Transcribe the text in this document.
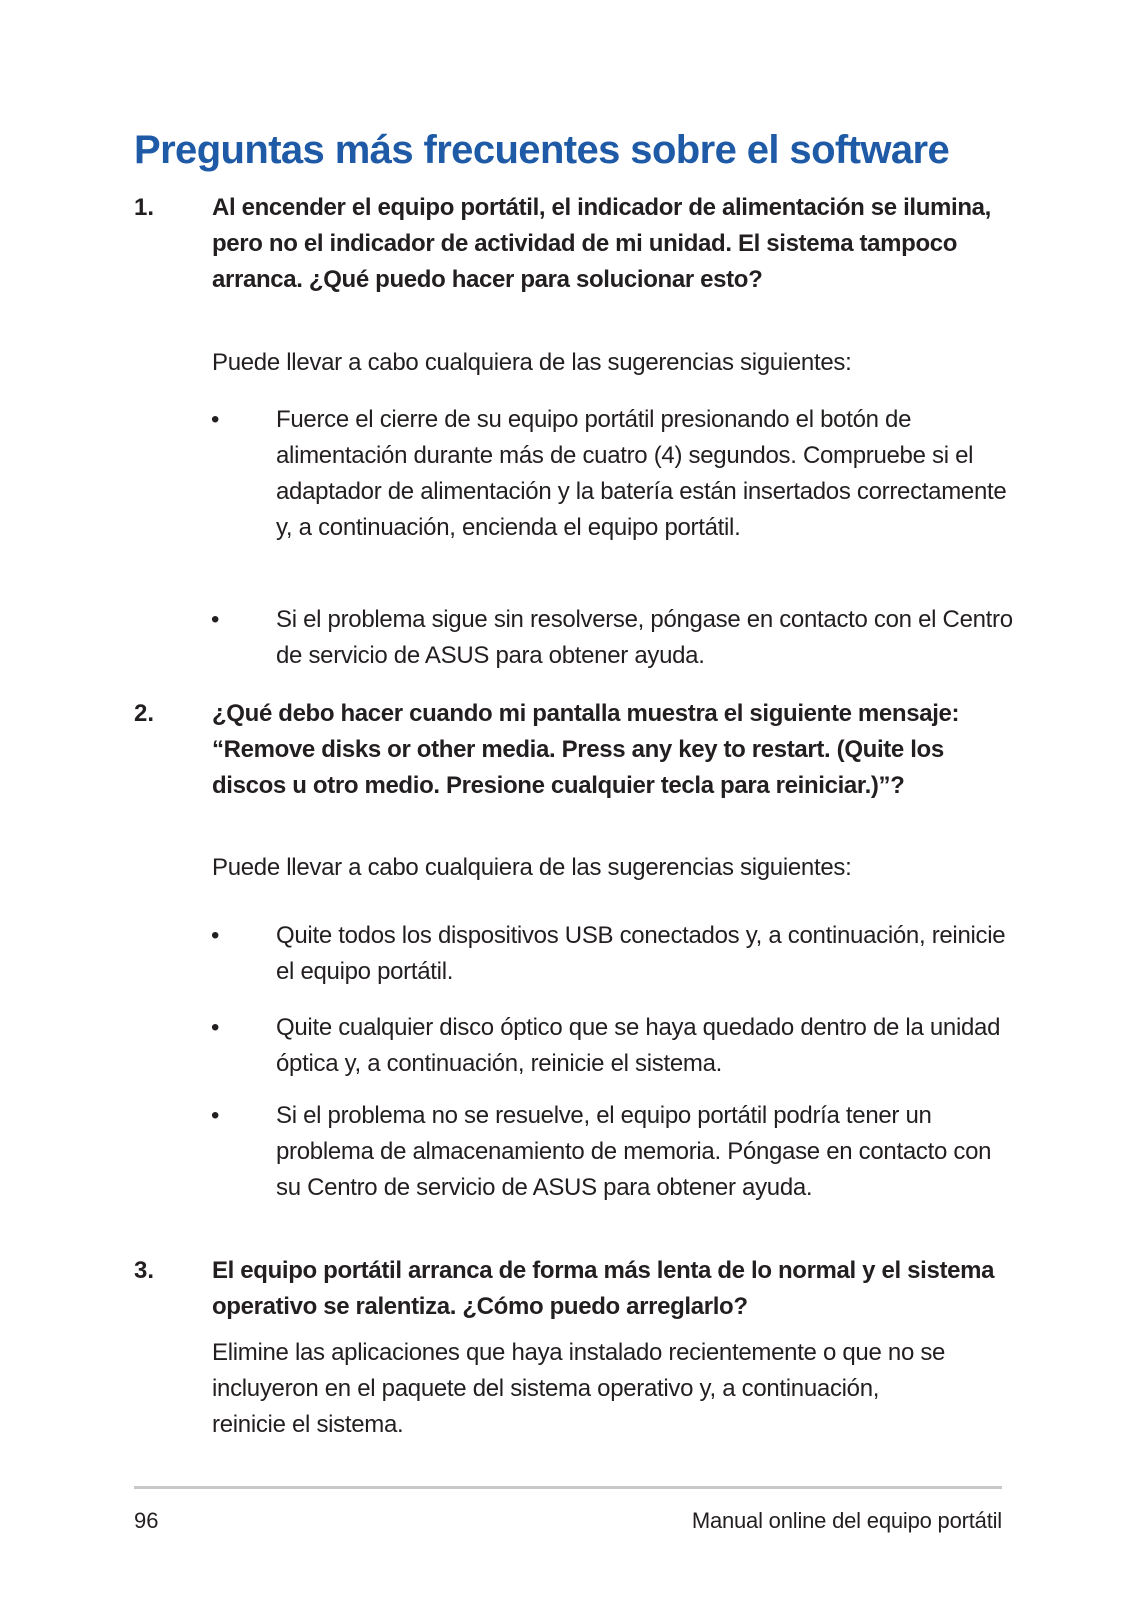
Preguntas más frecuentes sobre el software
1. Al encender el equipo portátil, el indicador de alimentación se ilumina, pero no el indicador de actividad de mi unidad. El sistema tampoco arranca. ¿Qué puedo hacer para solucionar esto?
Puede llevar a cabo cualquiera de las sugerencias siguientes:
• Fuerce el cierre de su equipo portátil presionando el botón de alimentación durante más de cuatro (4) segundos. Compruebe si el adaptador de alimentación y la batería están insertados correctamente y, a continuación, encienda el equipo portátil.
• Si el problema sigue sin resolverse, póngase en contacto con el Centro de servicio de ASUS para obtener ayuda.
2. ¿Qué debo hacer cuando mi pantalla muestra el siguiente mensaje: “Remove disks or other media. Press any key to restart. (Quite los discos u otro medio. Presione cualquier tecla para reiniciar.)”?
Puede llevar a cabo cualquiera de las sugerencias siguientes:
• Quite todos los dispositivos USB conectados y, a continuación, reinicie el equipo portátil.
• Quite cualquier disco óptico que se haya quedado dentro de la unidad óptica y, a continuación, reinicie el sistema.
• Si el problema no se resuelve, el equipo portátil podría tener un problema de almacenamiento de memoria. Póngase en contacto con su Centro de servicio de ASUS para obtener ayuda.
3. El equipo portátil arranca de forma más lenta de lo normal y el sistema operativo se ralentiza. ¿Cómo puedo arreglarlo?
Elimine las aplicaciones que haya instalado recientemente o que no se incluyeron en el paquete del sistema operativo y, a continuación, reinicie el sistema.
96	Manual online del equipo portátil
